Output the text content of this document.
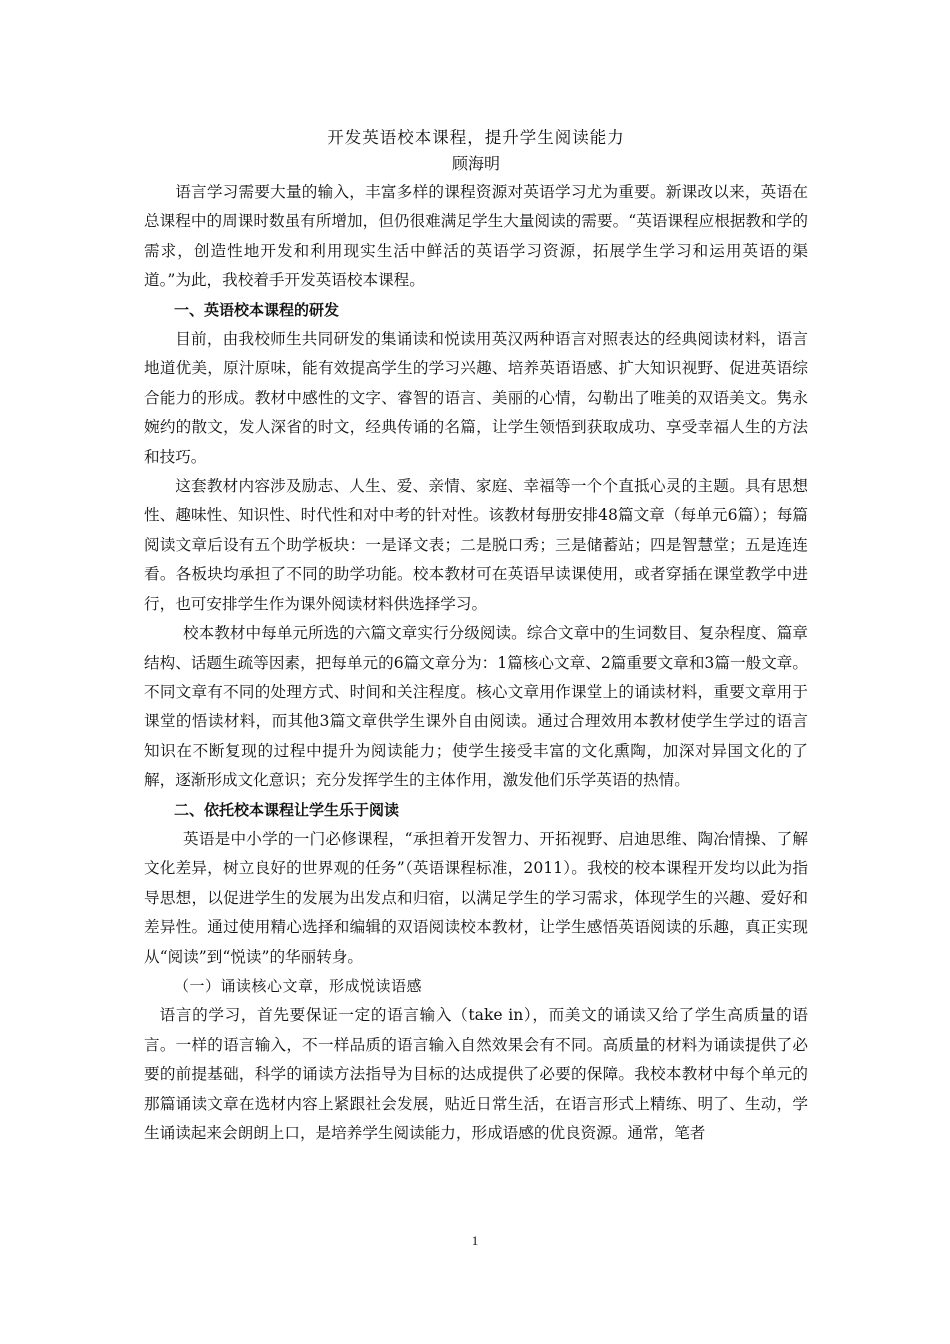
开发英语校本课程，提升学生阅读能力
顾海明

语言学习需要大量的输入，丰富多样的课程资源对英语学习尤为重要。新课改以来，英语在总课程中的周课时数虽有所增加，但仍很难满足学生大量阅读的需要。“英语课程应根据教和学的需求，创造性地开发和利用现实生活中鲜活的英语学习资源，拓展学生学习和运用英语的渠道。”为此，我校着手开发英语校本课程。

一、英语校本课程的研发

目前，由我校师生共同研发的集诵读和悦读用英汉两种语言对照表达的经典阅读材料，语言地道优美，原汁原味，能有效提高学生的学习兴趣、培养英语语感、扩大知识视野、促进英语综合能力的形成。教材中感性的文字、睿智的语言、美丽的心情，勾勒出了唯美的双语美文。隽永婉约的散文，发人深省的时文，经典传诵的名篇，让学生领悟到获取成功、享受幸福人生的方法和技巧。

这套教材内容涉及励志、人生、爱、亲情、家庭、幸福等一个个直抵心灵的主题。具有思想性、趣味性、知识性、时代性和对中考的针对性。该教材每册安排48篇文章（每单元6篇）；每篇阅读文章后设有五个助学板块：一是译文表；二是脱口秀；三是储蓄站；四是智慧堂；五是连连看。各板块均承担了不同的助学功能。校本教材可在英语早读课使用，或者穿插在课堂教学中进行，也可安排学生作为课外阅读材料供选择学习。

校本教材中每单元所选的六篇文章实行分级阅读。综合文章中的生词数目、复杂程度、篇章结构、话题生疏等因素，把每单元的6篇文章分为：1篇核心文章、2篇重要文章和3篇一般文章。不同文章有不同的处理方式、时间和关注程度。核心文章用作课堂上的诵读材料，重要文章用于课堂的悟读材料，而其他3篇文章供学生课外自由阅读。通过合理效用本教材使学生学过的语言知识在不断复现的过程中提升为阅读能力；使学生接受丰富的文化熏陶，加深对异国文化的了解，逐渐形成文化意识；充分发挥学生的主体作用，激发他们乐学英语的热情。

二、依托校本课程让学生乐于阅读

英语是中小学的一门必修课程，“承担着开发智力、开拓视野、启迪思维、陶冶情操、了解文化差异，树立良好的世界观的任务”（英语课程标准，2011）。我校的校本课程开发均以此为指导思想，以促进学生的发展为出发点和归宿，以满足学生的学习需求，体现学生的兴趣、爱好和差异性。通过使用精心选择和编辑的双语阅读校本教材，让学生感悟英语阅读的乐趣，真正实现从“阅读”到“悦读”的华丽转身。

（一）诵读核心文章，形成悦读语感

语言的学习，首先要保证一定的语言输入（take in），而美文的诵读又给了学生高质量的语言。一样的语言输入，不一样品质的语言输入自然效果会有不同。高质量的材料为诵读提供了必要的前提基础，科学的诵读方法指导为目标的达成提供了必要的保障。我校本教材中每个单元的那篇诵读文章在选材内容上紧跟社会发展，贴近日常生活，在语言形式上精练、明了、生动，学生诵读起来会朗朗上口，是培养学生阅读能力，形成语感的优良资源。通常，笔者

1
